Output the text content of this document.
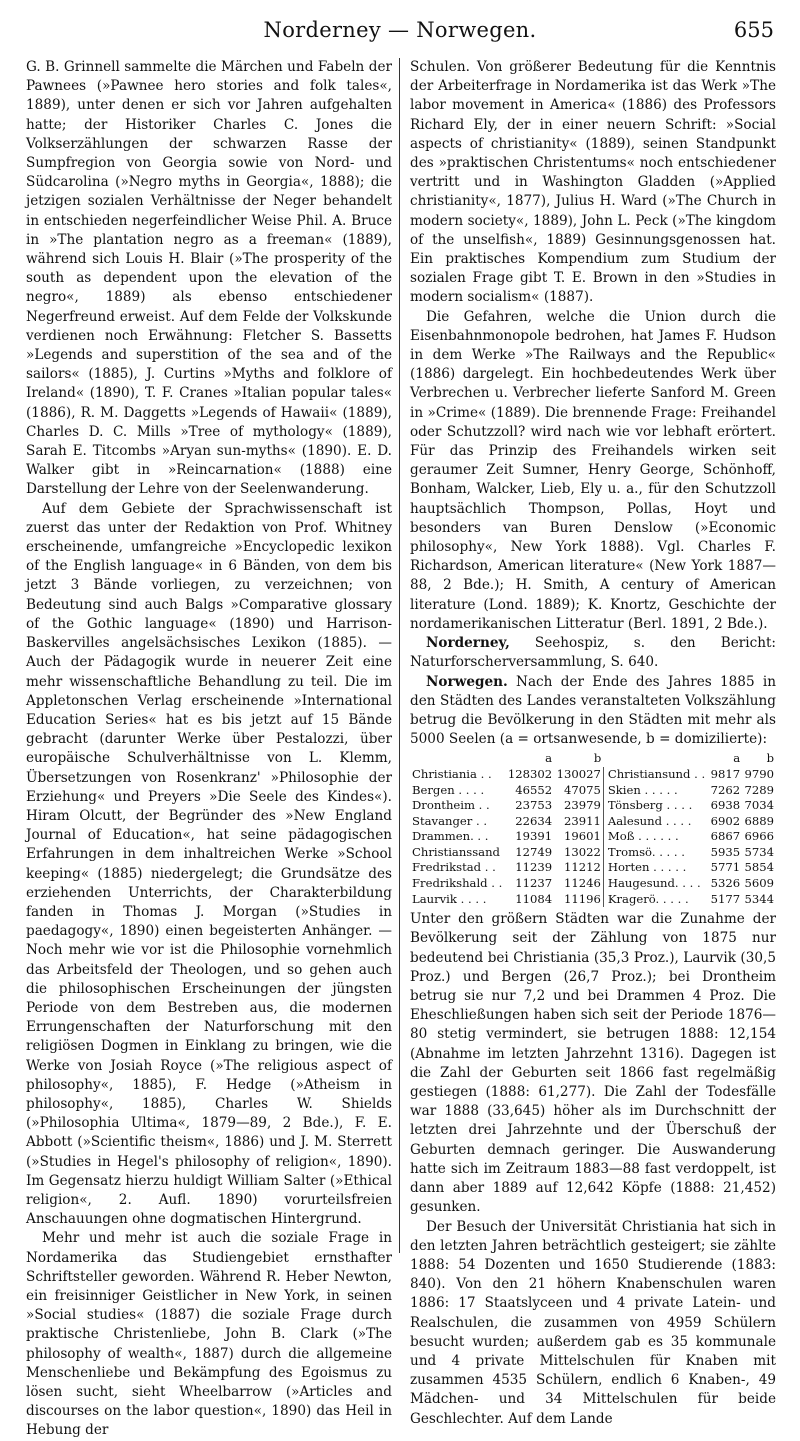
Norderney — Norwegen.	655

G. B. Grinnell sammelte die Märchen und Fabeln der Pawnees (»Pawnee hero stories and folk tales«, 1889), unter denen er sich vor Jahren aufgehalten hatte; der Historiker Charles C. Jones die Volkserzählungen der schwarzen Rasse der Sumpfregion von Georgia sowie von Nord- und Südcarolina (»Negro myths in Georgia«, 1888); die jetzigen sozialen Verhältnisse der Neger behandelt in entschieden negerfeindlicher Weise Phil. A. Bruce in »The plantation negro as a freeman« (1889), während sich Louis H. Blair (»The prosperity of the south as dependent upon the elevation of the negro«, 1889) als ebenso entschiedener Negerfreund erweist. Auf dem Felde der Volkskunde verdienen noch Erwähnung: Fletcher S. Bassetts »Legends and superstition of the sea and of the sailors« (1885), J. Curtins »Myths and folklore of Ireland« (1890), T. F. Cranes »Italian popular tales« (1886), R. M. Daggetts »Legends of Hawaii« (1889), Charles D. C. Mills »Tree of mythology« (1889), Sarah E. Titcombs »Aryan sun-myths« (1890). E. D. Walker gibt in »Reincarnation« (1888) eine Darstellung der Lehre von der Seelenwanderung.

Auf dem Gebiete der Sprachwissenschaft ist zuerst das unter der Redaktion von Prof. Whitney erscheinende, umfangreiche »Encyclopedic lexikon of the English language« in 6 Bänden, von dem bis jetzt 3 Bände vorliegen, zu verzeichnen; von Bedeutung sind auch Balgs »Comparative glossary of the Gothic language« (1890) und Harrison-Baskervilles angelsächsisches Lexikon (1885). — Auch der Pädagogik wurde in neuerer Zeit eine mehr wissenschaftliche Behandlung zu teil. Die im Appletonschen Verlag erscheinende »International Education Series« hat es bis jetzt auf 15 Bände gebracht (darunter Werke über Pestalozzi, über europäische Schulverhältnisse von L. Klemm, Übersetzungen von Rosenkranz' »Philosophie der Erziehung« und Preyers »Die Seele des Kindes«). Hiram Olcutt, der Begründer des »New England Journal of Education«, hat seine pädagogischen Erfahrungen in dem inhaltreichen Werke »School keeping« (1885) niedergelegt; die Grundsätze des erziehenden Unterrichts, der Charakterbildung fanden in Thomas J. Morgan (»Studies in paedagogy«, 1890) einen begeisterten Anhänger. — Noch mehr wie vor ist die Philosophie vornehmlich das Arbeitsfeld der Theologen, und so gehen auch die philosophischen Erscheinungen der jüngsten Periode von dem Bestreben aus, die modernen Errungenschaften der Naturforschung mit den religiösen Dogmen in Einklang zu bringen, wie die Werke von Josiah Royce (»The religious aspect of philosophy«, 1885), F. Hedge (»Atheism in philosophy«, 1885), Charles W. Shields (»Philosophia Ultima«, 1879—89, 2 Bde.), F. E. Abbott (»Scientific theism«, 1886) und J. M. Sterrett (»Studies in Hegel's philosophy of religion«, 1890). Im Gegensatz hierzu huldigt William Salter (»Ethical religion«, 2. Aufl. 1890) vorurteilsfreien Anschauungen ohne dogmatischen Hintergrund.

Mehr und mehr ist auch die soziale Frage in Nordamerika das Studiengebiet ernsthafter Schriftsteller geworden. Während R. Heber Newton, ein freisinniger Geistlicher in New York, in seinen »Social studies« (1887) die soziale Frage durch praktische Christenliebe, John B. Clark (»The philosophy of wealth«, 1887) durch die allgemeine Menschenliebe und Bekämpfung des Egoismus zu lösen sucht, sieht Wheelbarrow (»Articles and discourses on the labor question«, 1890) das Heil in Hebung der

Schulen. Von größerer Bedeutung für die Kenntnis der Arbeiterfrage in Nordamerika ist das Werk »The labor movement in America« (1886) des Professors Richard Ely, der in einer neuern Schrift: »Social aspects of christianity« (1889), seinen Standpunkt des »praktischen Christentums« noch entschiedener vertritt und in Washington Gladden (»Applied christianity«, 1877), Julius H. Ward (»The Church in modern society«, 1889), John L. Peck (»The kingdom of the unselfish«, 1889) Gesinnungsgenossen hat. Ein praktisches Kompendium zum Studium der sozialen Frage gibt T. E. Brown in den »Studies in modern socialism« (1887).

Die Gefahren, welche die Union durch die Eisenbahnmonopole bedrohen, hat James F. Hudson in dem Werke »The Railways and the Republic« (1886) dargelegt. Ein hochbedeutendes Werk über Verbrechen u. Verbrecher lieferte Sanford M. Green in »Crime« (1889). Die brennende Frage: Freihandel oder Schutzzoll? wird nach wie vor lebhaft erörtert. Für das Prinzip des Freihandels wirken seit geraumer Zeit Sumner, Henry George, Schönhoff, Bonham, Walcker, Lieb, Ely u. a., für den Schutzzoll hauptsächlich Thompson, Pollas, Hoyt und besonders van Buren Denslow (»Economic philosophy«, New York 1888). Vgl. Charles F. Richardson, American literature« (New York 1887—88, 2 Bde.); H. Smith, A century of American literature (Lond. 1889); K. Knortz, Geschichte der nordamerikanischen Litteratur (Berl. 1891, 2 Bde.).

Norderney, Seehospiz, s. den Bericht: Naturforscherversammlung, S. 640.

Norwegen. Nach der Ende des Jahres 1885 in den Städten des Landes veranstalteten Volkszählung betrug die Bevölkerung in den Städten mit mehr als 5000 Seelen (a = ortsanwesende, b = domizilierte):

	a	b		a	b
Christiania . .	128302	130027	Christiansund . .	9817	9790
Bergen . . . .	46552	47075	Skien . . . . .	7262	7289
Drontheim . .	23753	23979	Tönsberg . . . .	6938	7034
Stavanger . .	22634	23911	Aalesund . . . .	6902	6889
Drammen. . .	19391	19601	Moß . . . . . .	6867	6966
Christianssand	12749	13022	Tromsö. . . . .	5935	5734
Fredrikstad . .	11239	11212	Horten . . . . .	5771	5854
Fredrikshald . .	11237	11246	Haugesund. . . .	5326	5609
Laurvik . . . .	11084	11196	Kragerö. . . . .	5177	5344

Unter den größern Städten war die Zunahme der Bevölkerung seit der Zählung von 1875 nur bedeutend bei Christiania (35,3 Proz.), Laurvik (30,5 Proz.) und Bergen (26,7 Proz.); bei Drontheim betrug sie nur 7,2 und bei Drammen 4 Proz. Die Eheschließungen haben sich seit der Periode 1876—80 stetig vermindert, sie betrugen 1888: 12,154 (Abnahme im letzten Jahrzehnt 1316). Dagegen ist die Zahl der Geburten seit 1866 fast regelmäßig gestiegen (1888: 61,277). Die Zahl der Todesfälle war 1888 (33,645) höher als im Durchschnitt der letzten drei Jahrzehnte und der Überschuß der Geburten demnach geringer. Die Auswanderung hatte sich im Zeitraum 1883—88 fast verdoppelt, ist dann aber 1889 auf 12,642 Köpfe (1888: 21,452) gesunken.

Der Besuch der Universität Christiania hat sich in den letzten Jahren beträchtlich gesteigert; sie zählte 1888: 54 Dozenten und 1650 Studierende (1883: 840). Von den 21 höhern Knabenschulen waren 1886: 17 Staatslyceen und 4 private Latein- und Realschulen, die zusammen von 4959 Schülern besucht wurden; außerdem gab es 35 kommunale und 4 private Mittelschulen für Knaben mit zusammen 4535 Schülern, endlich 6 Knaben-, 49 Mädchen- und 34 Mittelschulen für beide Geschlechter. Auf dem Lande
